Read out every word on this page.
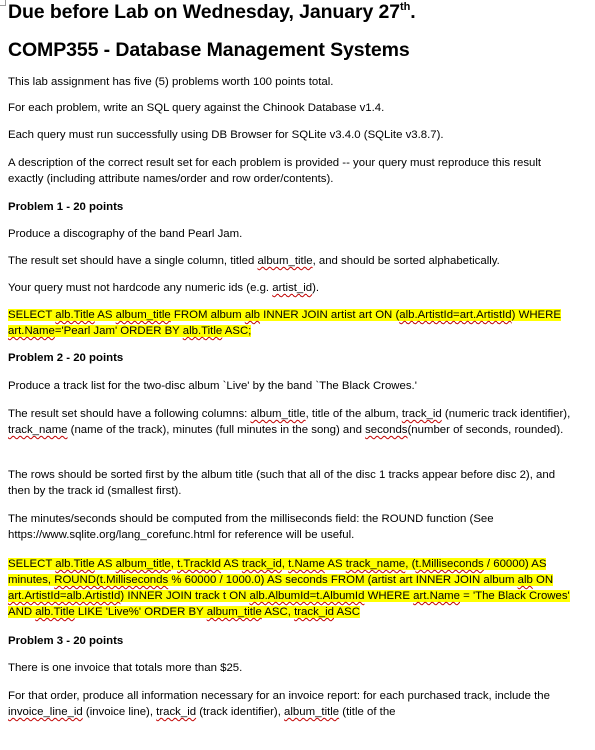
Due before Lab on Wednesday, January 27th.
COMP355 - Database Management Systems

This lab assignment has five (5) problems worth 100 points total.

For each problem, write an SQL query against the Chinook Database v1.4.

Each query must run successfully using DB Browser for SQLite v3.4.0 (SQLite v3.8.7).

A description of the correct result set for each problem is provided -- your query must reproduce this result exactly (including attribute names/order and row order/contents).

Problem 1 - 20 points

Produce a discography of the band Pearl Jam.

The result set should have a single column, titled album_title, and should be sorted alphabetically.

Your query must not hardcode any numeric ids (e.g. artist_id).

SELECT alb.Title AS album_title FROM album alb INNER JOIN artist art ON (alb.ArtistId=art.ArtistId) WHERE art.Name='Pearl Jam' ORDER BY alb.Title ASC;

Problem 2 - 20 points

Produce a track list for the two-disc album `Live' by the band `The Black Crowes.'

The result set should have a following columns: album_title, title of the album, track_id (numeric track identifier), track_name (name of the track), minutes (full minutes in the song) and seconds(number of seconds, rounded).

The rows should be sorted first by the album title (such that all of the disc 1 tracks appear before disc 2), and then by the track id (smallest first).

The minutes/seconds should be computed from the milliseconds field: the ROUND function (See https://www.sqlite.org/lang_corefunc.html for reference will be useful.

SELECT alb.Title AS album_title, t.TrackId AS track_id, t.Name AS track_name, (t.Milliseconds / 60000) AS minutes, ROUND(t.Milliseconds % 60000 / 1000.0) AS seconds FROM (artist art INNER JOIN album alb ON art.ArtistId=alb.ArtistId) INNER JOIN track t ON alb.AlbumId=t.AlbumId WHERE art.Name = 'The Black Crowes' AND alb.Title LIKE 'Live%' ORDER BY album_title ASC, track_id ASC

Problem 3 - 20 points

There is one invoice that totals more than $25.

For that order, produce all information necessary for an invoice report: for each purchased track, include the invoice_line_id (invoice line), track_id (track identifier), album_title (title of the
